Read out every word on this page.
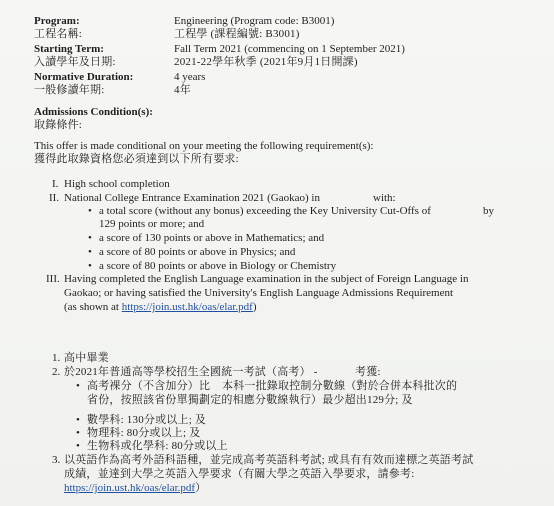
Program:
工程名稱:
Engineering (Program code: B3001)
工程學 (課程編號: B3001)
Starting Term:
入讀學年及日期:
Fall Term 2021 (commencing on 1 September 2021)
2021-22學年秋季 (2021年9月1日開課)
Normative Duration:
一般修讀年期:
4 years
4年
Admissions Condition(s):
取錄條件:
This offer is made conditional on your meeting the following requirement(s):
獲得此取錄資格您必須達到以下所有要求:
I. High school completion
II. National College Entrance Examination 2021 (Gaokao) in	with:
• a total score (without any bonus) exceeding the Key University Cut-Offs of	by
129 points or more; and
• a score of 130 points or above in Mathematics; and
• a score of 80 points or above in Physics; and
• a score of 80 points or above in Biology or Chemistry
III. Having completed the English Language examination in the subject of Foreign Language in
Gaokao; or having satisfied the University's English Language Admissions Requirement
(as shown at https://join.ust.hk/oas/elar.pdf)
1. 高中畢業
2. 於2021年普通高等學校招生全國統一考試（高考） -	考獲:
• 高考裸分（不含加分）比 本科一批錄取控制分數線（對於合併本科批次的
省份，按照該省份單獨劃定的相應分數線執行）最少超出129分; 及
• 數學科: 130分或以上; 及
• 物理科: 80分或以上; 及
• 生物科或化學科: 80分或以上
3. 以英語作為高考外語科語種，並完成高考英語科考試; 或具有有效而達標之英語考試
成績，並達到大學之英語入學要求（有關大學之英語入學要求，請參考:
https://join.ust.hk/oas/elar.pdf）
